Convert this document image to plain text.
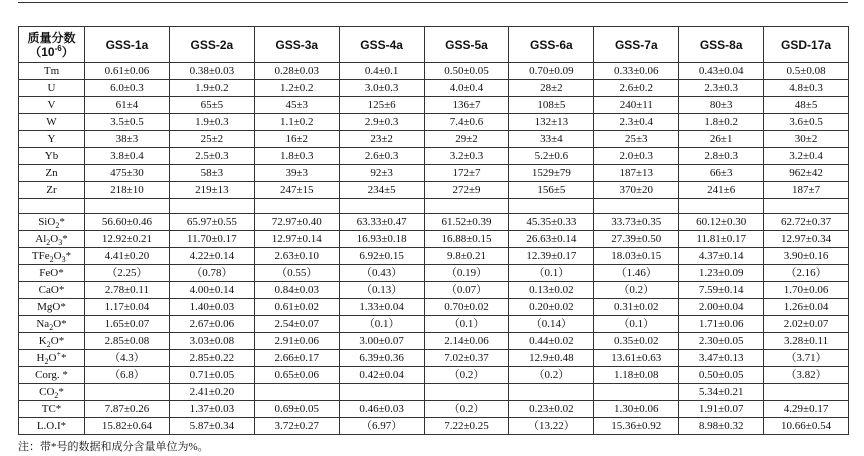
质量分数
$(10^{-6})$	GSS-1a	GSS-2a	GSS-3a	GSS-4a	GSS-5a	GSS-6a	GSS-7a	GSS-8a	GSD-17a
Tm	0.61±0.06	0.38±0.03	0.28±0.03	0.4±0.1	0.50±0.05	0.70±0.09	0.33±0.06	0.43±0.04	0.5±0.08
U	6.0±0.3	1.9±0.2	1.2±0.2	3.0±0.3	4.0±0.4	28±2	2.6±0.2	2.3±0.3	4.8±0.3
V	61±4	65±5	45±3	125±6	136±7	108±5	240±11	80±3	48±5
W	3.5±0.5	1.9±0.3	1.1±0.2	2.9±0.3	7.4±0.6	132±13	2.3±0.4	1.8±0.2	3.6±0.5
Y	38±3	25±2	16±2	23±2	29±2	33±4	25±3	26±1	30±2
Yb	3.8±0.4	2.5±0.3	1.8±0.3	2.6±0.3	3.2±0.3	5.2±0.6	2.0±0.3	2.8±0.3	3.2±0.4
Zn	475±30	58±3	39±3	92±3	172±7	1529±79	187±13	66±3	962±42
Zr	218±10	219±13	247±15	234±5	272±9	156±5	370±20	241±6	187±7

SiO$_2$*	56.60±0.46	65.97±0.55	72.97±0.40	63.33±0.47	61.52±0.39	45.35±0.33	33.73±0.35	60.12±0.30	62.72±0.37
$Al_2O_3*$	12.92±0.21	11.70±0.17	12.97±0.14	16.93±0.18	16.88±0.15	26.63±0.14	27.39±0.50	11.81±0.17	12.97±0.34
$TFe_2O_3*$	4.41±0.20	4.22±0.14	2.63±0.10	6.92±0.15	9.8±0.21	12.39±0.17	18.03±0.15	4.37±0.14	3.90±0.16
FeO*	（2.25）	（0.78）	（0.55）	（0.43）	（0.19）	（0.1）	（1.46）	1.23±0.09	（2.16）
CaO*	2.78±0.11	4.00±0.14	0.84±0.03	（0.13）	（0.07）	0.13±0.02	（0.2）	7.59±0.14	1.70±0.06
MgO*	1.17±0.04	1.40±0.03	0.61±0.02	1.33±0.04	0.70±0.02	0.20±0.02	0.31±0.02	2.00±0.04	1.26±0.04
$Na_2O*$	1.65±0.07	2.67±0.06	2.54±0.07	（0.1）	（0.1）	（0.14）	（0.1）	1.71±0.06	2.02±0.07
$K_2O*$	2.85±0.08	3.03±0.08	2.91±0.06	3.00±0.07	2.14±0.06	0.44±0.02	0.35±0.02	2.30±0.05	3.28±0.11
$H_2O^+*$	（4.3）	2.85±0.22	2.66±0.17	6.39±0.36	7.02±0.37	12.9±0.48	13.61±0.63	3.47±0.13	（3.71）
Corg. *	（6.8）	0.71±0.05	0.65±0.06	0.42±0.04	（0.2）	（0.2）	1.18±0.08	0.50±0.05	（3.82）
$CO_2*$		2.41±0.20						5.34±0.21	
TC*	7.87±0.26	1.37±0.03	0.69±0.05	0.46±0.03	（0.2）	0.23±0.02	1.30±0.06	1.91±0.07	4.29±0.17
L.O.I*	15.82±0.64	5.87±0.34	3.72±0.27	（6.97）	7.22±0.25	（13.22）	15.36±0.92	8.98±0.32	10.66±0.54
注：带*号的数据和成分含量单位为%。
